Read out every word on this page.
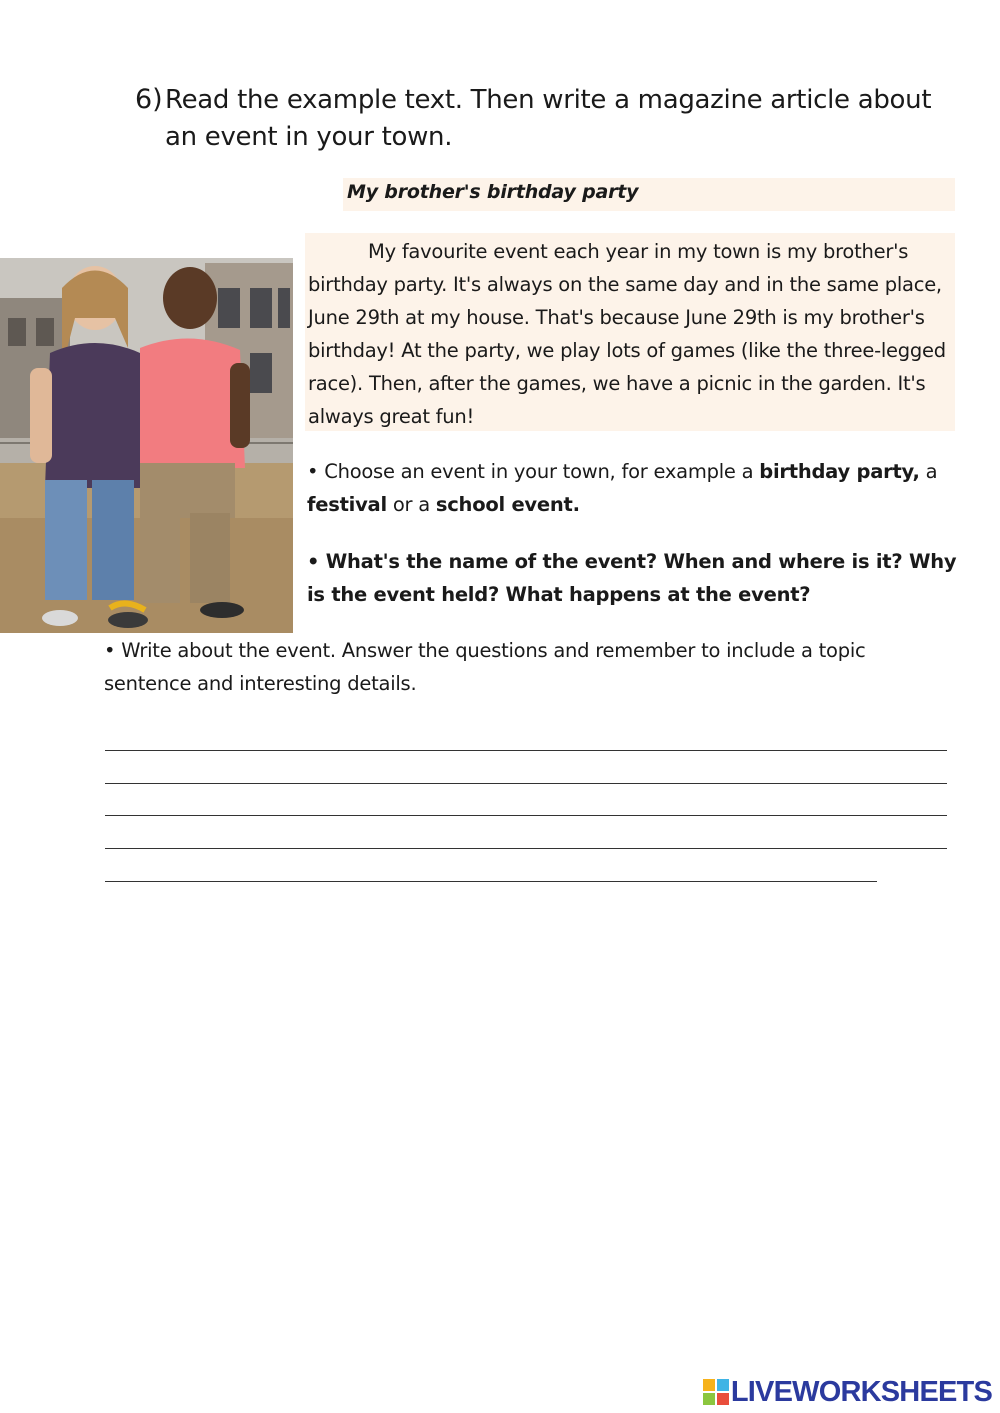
6) Read the example text. Then write a magazine article about an event in your town.
My brother's birthday party
My favourite event each year in my town is my brother's birthday party. It's always on the same day and in the same place, June 29th at my house. That's because June 29th is my brother's birthday! At the party, we play lots of games (like the three-legged race). Then, after the games, we have a picnic in the garden. It's always great fun!
• Choose an event in your town, for example a birthday party, a festival or a school event.
• What's the name of the event? When and where is it? Why is the event held? What happens at the event?
• Write about the event. Answer the questions and remember to include a topic sentence and interesting details.
LIVEWORKSHEETS
